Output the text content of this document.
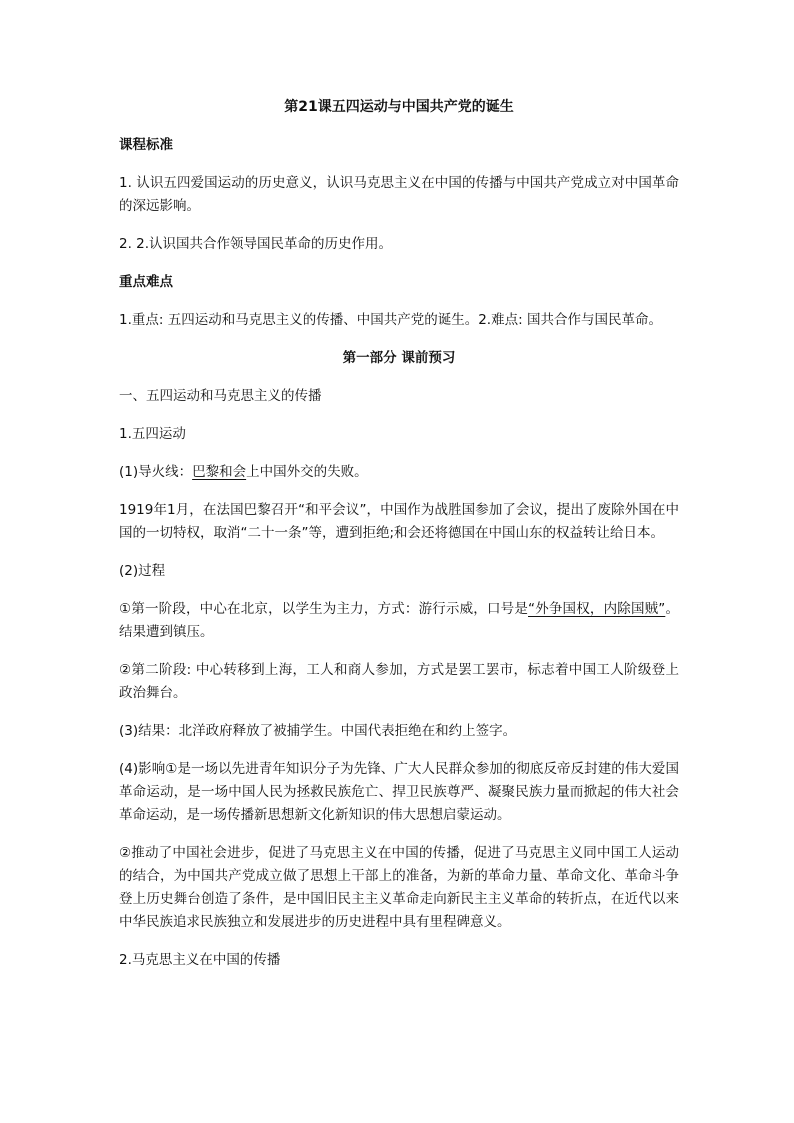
第21课五四运动与中国共产党的诞生

课程标准

1. 认识五四爱国运动的历史意义，认识马克思主义在中国的传播与中国共产党成立对中国革命的深远影响。

2. 2.认识国共合作领导国民革命的历史作用。

重点难点

1.重点: 五四运动和马克思主义的传播、中国共产党的诞生。2.难点: 国共合作与国民革命。

第一部分 课前预习

一、五四运动和马克思主义的传播

1.五四运动

(1)导火线：巴黎和会上中国外交的失败。

1919年1月，在法国巴黎召开“和平会议”，中国作为战胜国参加了会议，提出了废除外国在中国的一切特权，取消“二十一条”等，遭到拒绝;和会还将德国在中国山东的权益转让给日本。

(2)过程

①第一阶段，中心在北京，以学生为主力，方式：游行示威，口号是“外争国权，内除国贼”。结果遭到镇压。

②第二阶段: 中心转移到上海，工人和商人参加，方式是罢工罢市，标志着中国工人阶级登上政治舞台。

(3)结果：北洋政府释放了被捕学生。中国代表拒绝在和约上签字。

(4)影响①是一场以先进青年知识分子为先锋、广大人民群众参加的彻底反帝反封建的伟大爱国革命运动，是一场中国人民为拯救民族危亡、捍卫民族尊严、凝聚民族力量而掀起的伟大社会革命运动，是一场传播新思想新文化新知识的伟大思想启蒙运动。

②推动了中国社会进步，促进了马克思主义在中国的传播，促进了马克思主义同中国工人运动的结合，为中国共产党成立做了思想上干部上的准备，为新的革命力量、革命文化、革命斗争登上历史舞台创造了条件，是中国旧民主主义革命走向新民主主义革命的转折点，在近代以来中华民族追求民族独立和发展进步的历史进程中具有里程碑意义。

2.马克思主义在中国的传播
